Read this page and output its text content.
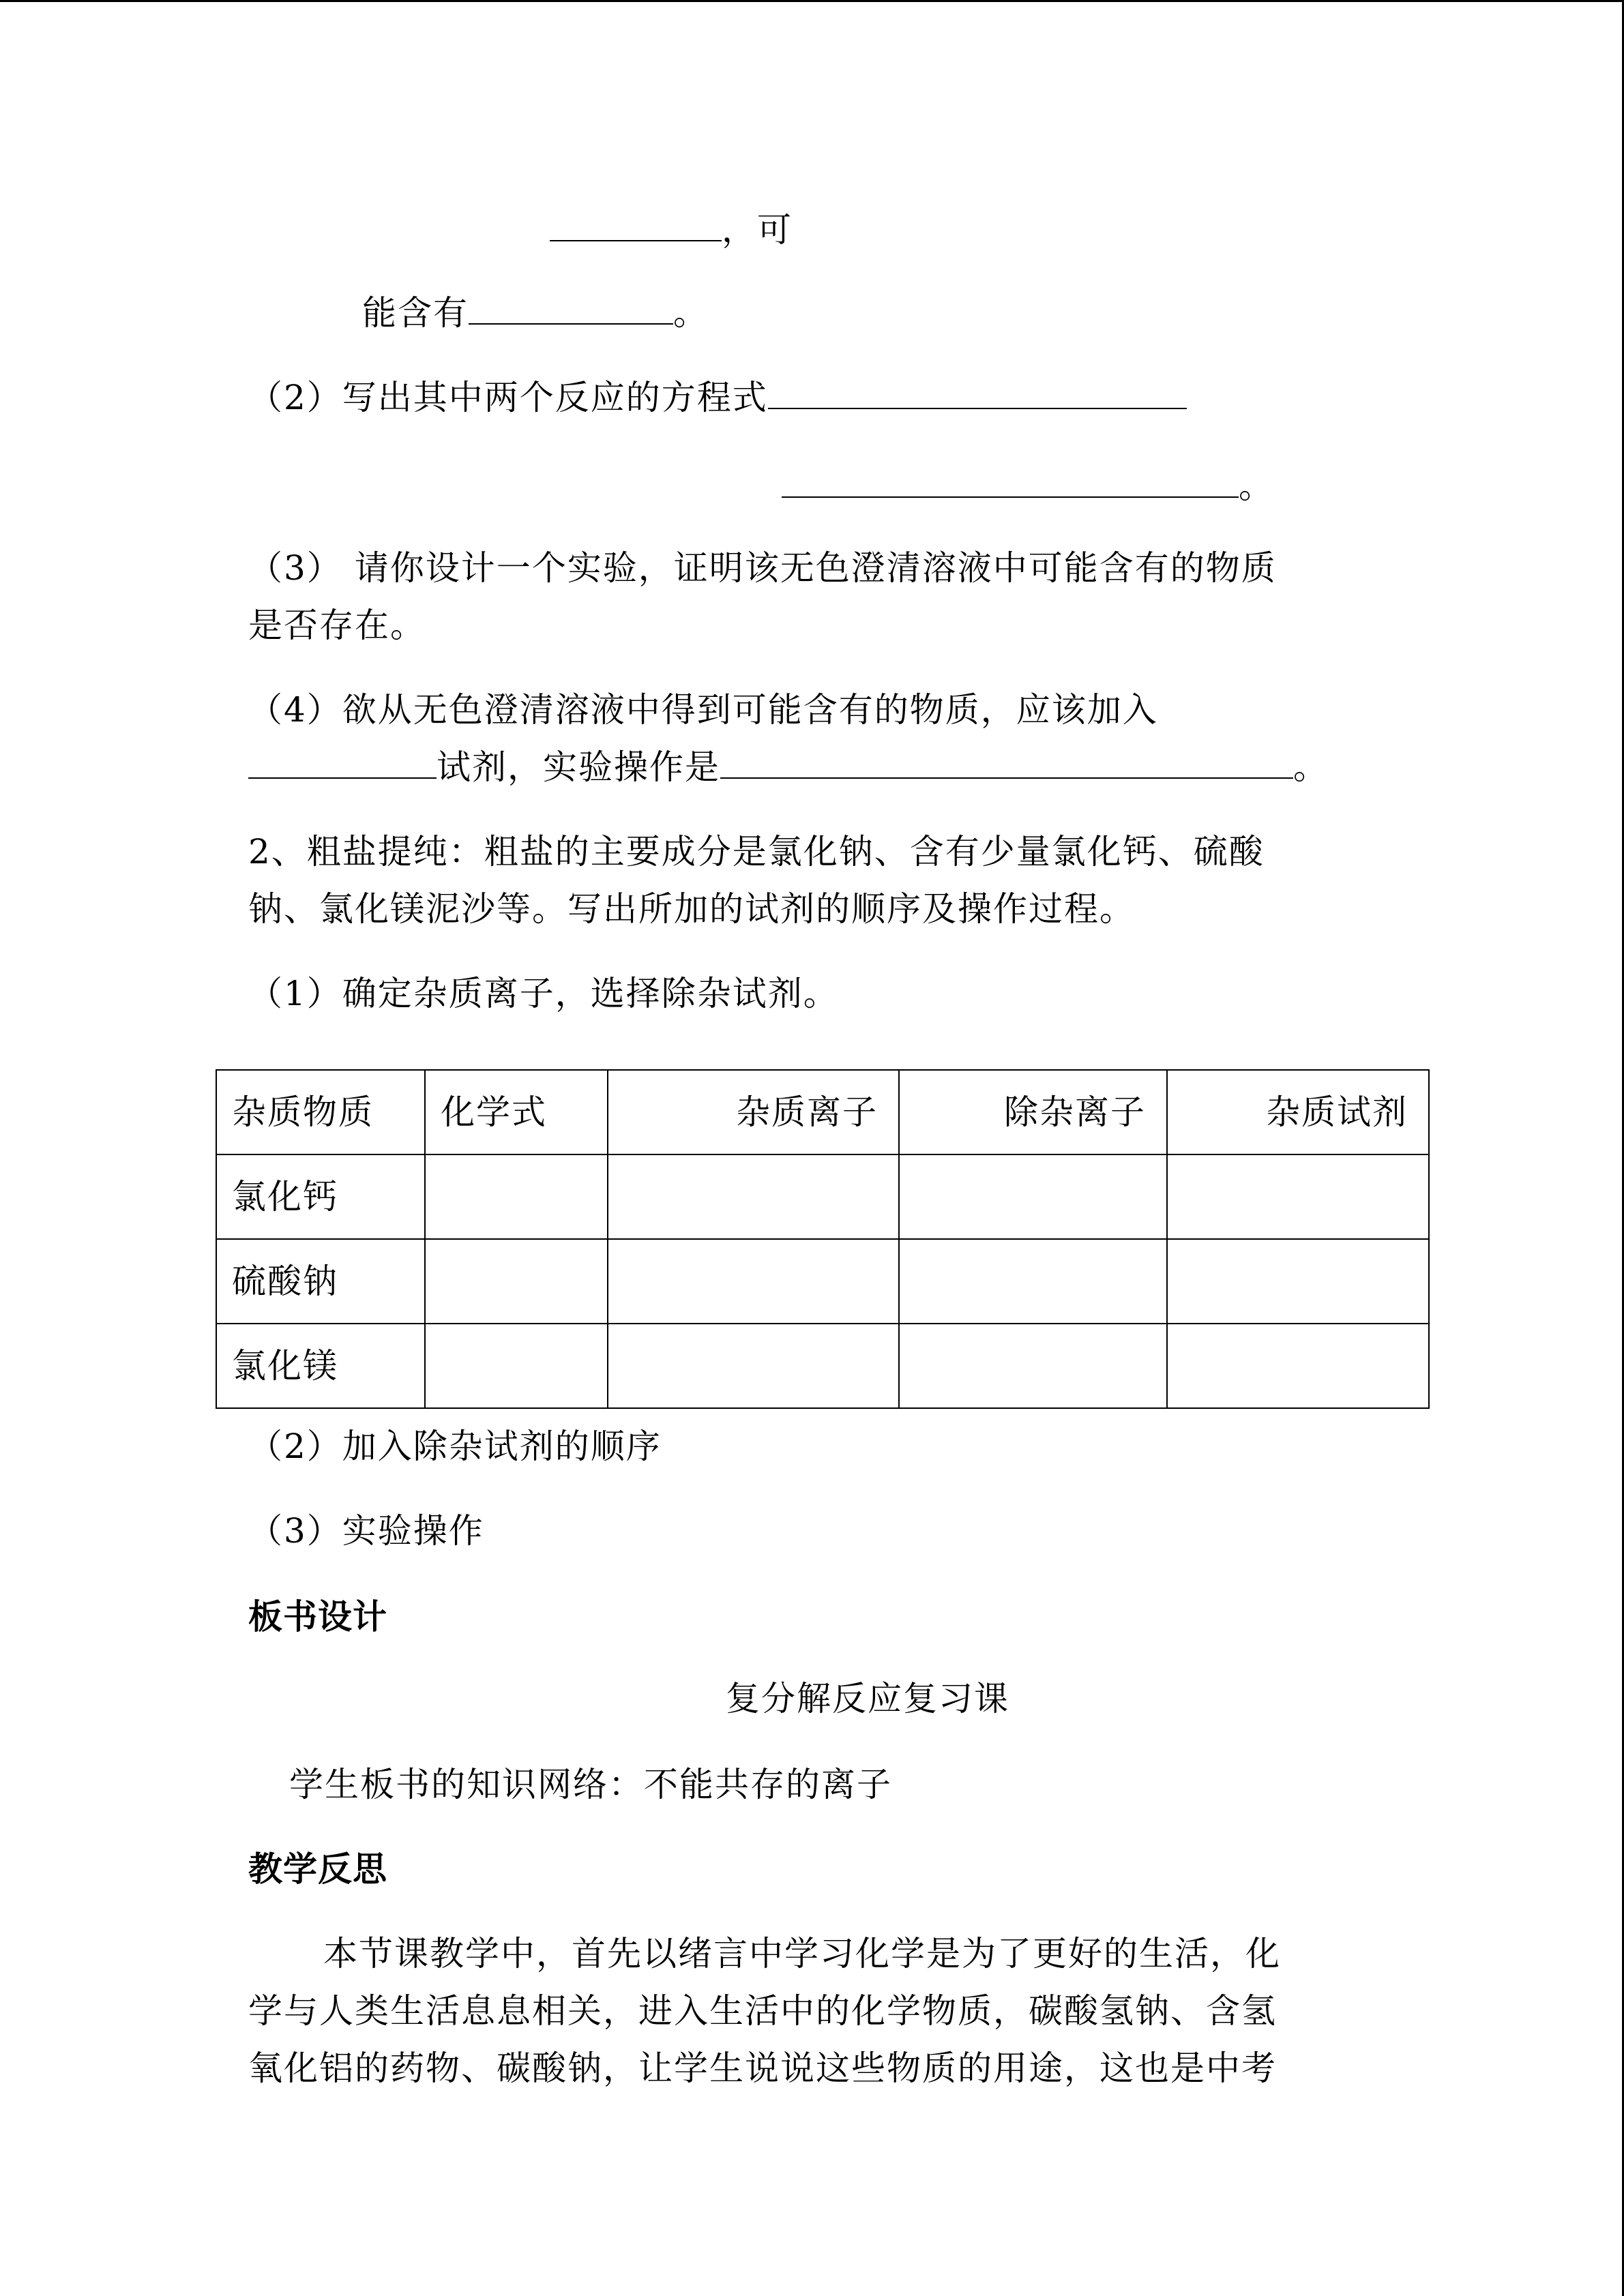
，可
能含有	。
（2）写出其中两个反应的方程式
。
（3） 请你设计一个实验，证明该无色澄清溶液中可能含有的物质
是否存在。
（4）欲从无色澄清溶液中得到可能含有的物质，应该加入
试剂，实验操作是	。
2、粗盐提纯：粗盐的主要成分是氯化钠、含有少量氯化钙、硫酸
钠、氯化镁泥沙等。写出所加的试剂的顺序及操作过程。
（1）确定杂质离子，选择除杂试剂。
杂质物质	化学式	杂质离子	除杂离子	杂质试剂
氯化钙				
硫酸钠				
氯化镁				
（2）加入除杂试剂的顺序
（3）实验操作
板书设计
复分解反应复习课
学生板书的知识网络：不能共存的离子
教学反思
本节课教学中，首先以绪言中学习化学是为了更好的生活，化
学与人类生活息息相关，进入生活中的化学物质，碳酸氢钠、含氢
氧化铝的药物、碳酸钠，让学生说说这些物质的用途，这也是中考
